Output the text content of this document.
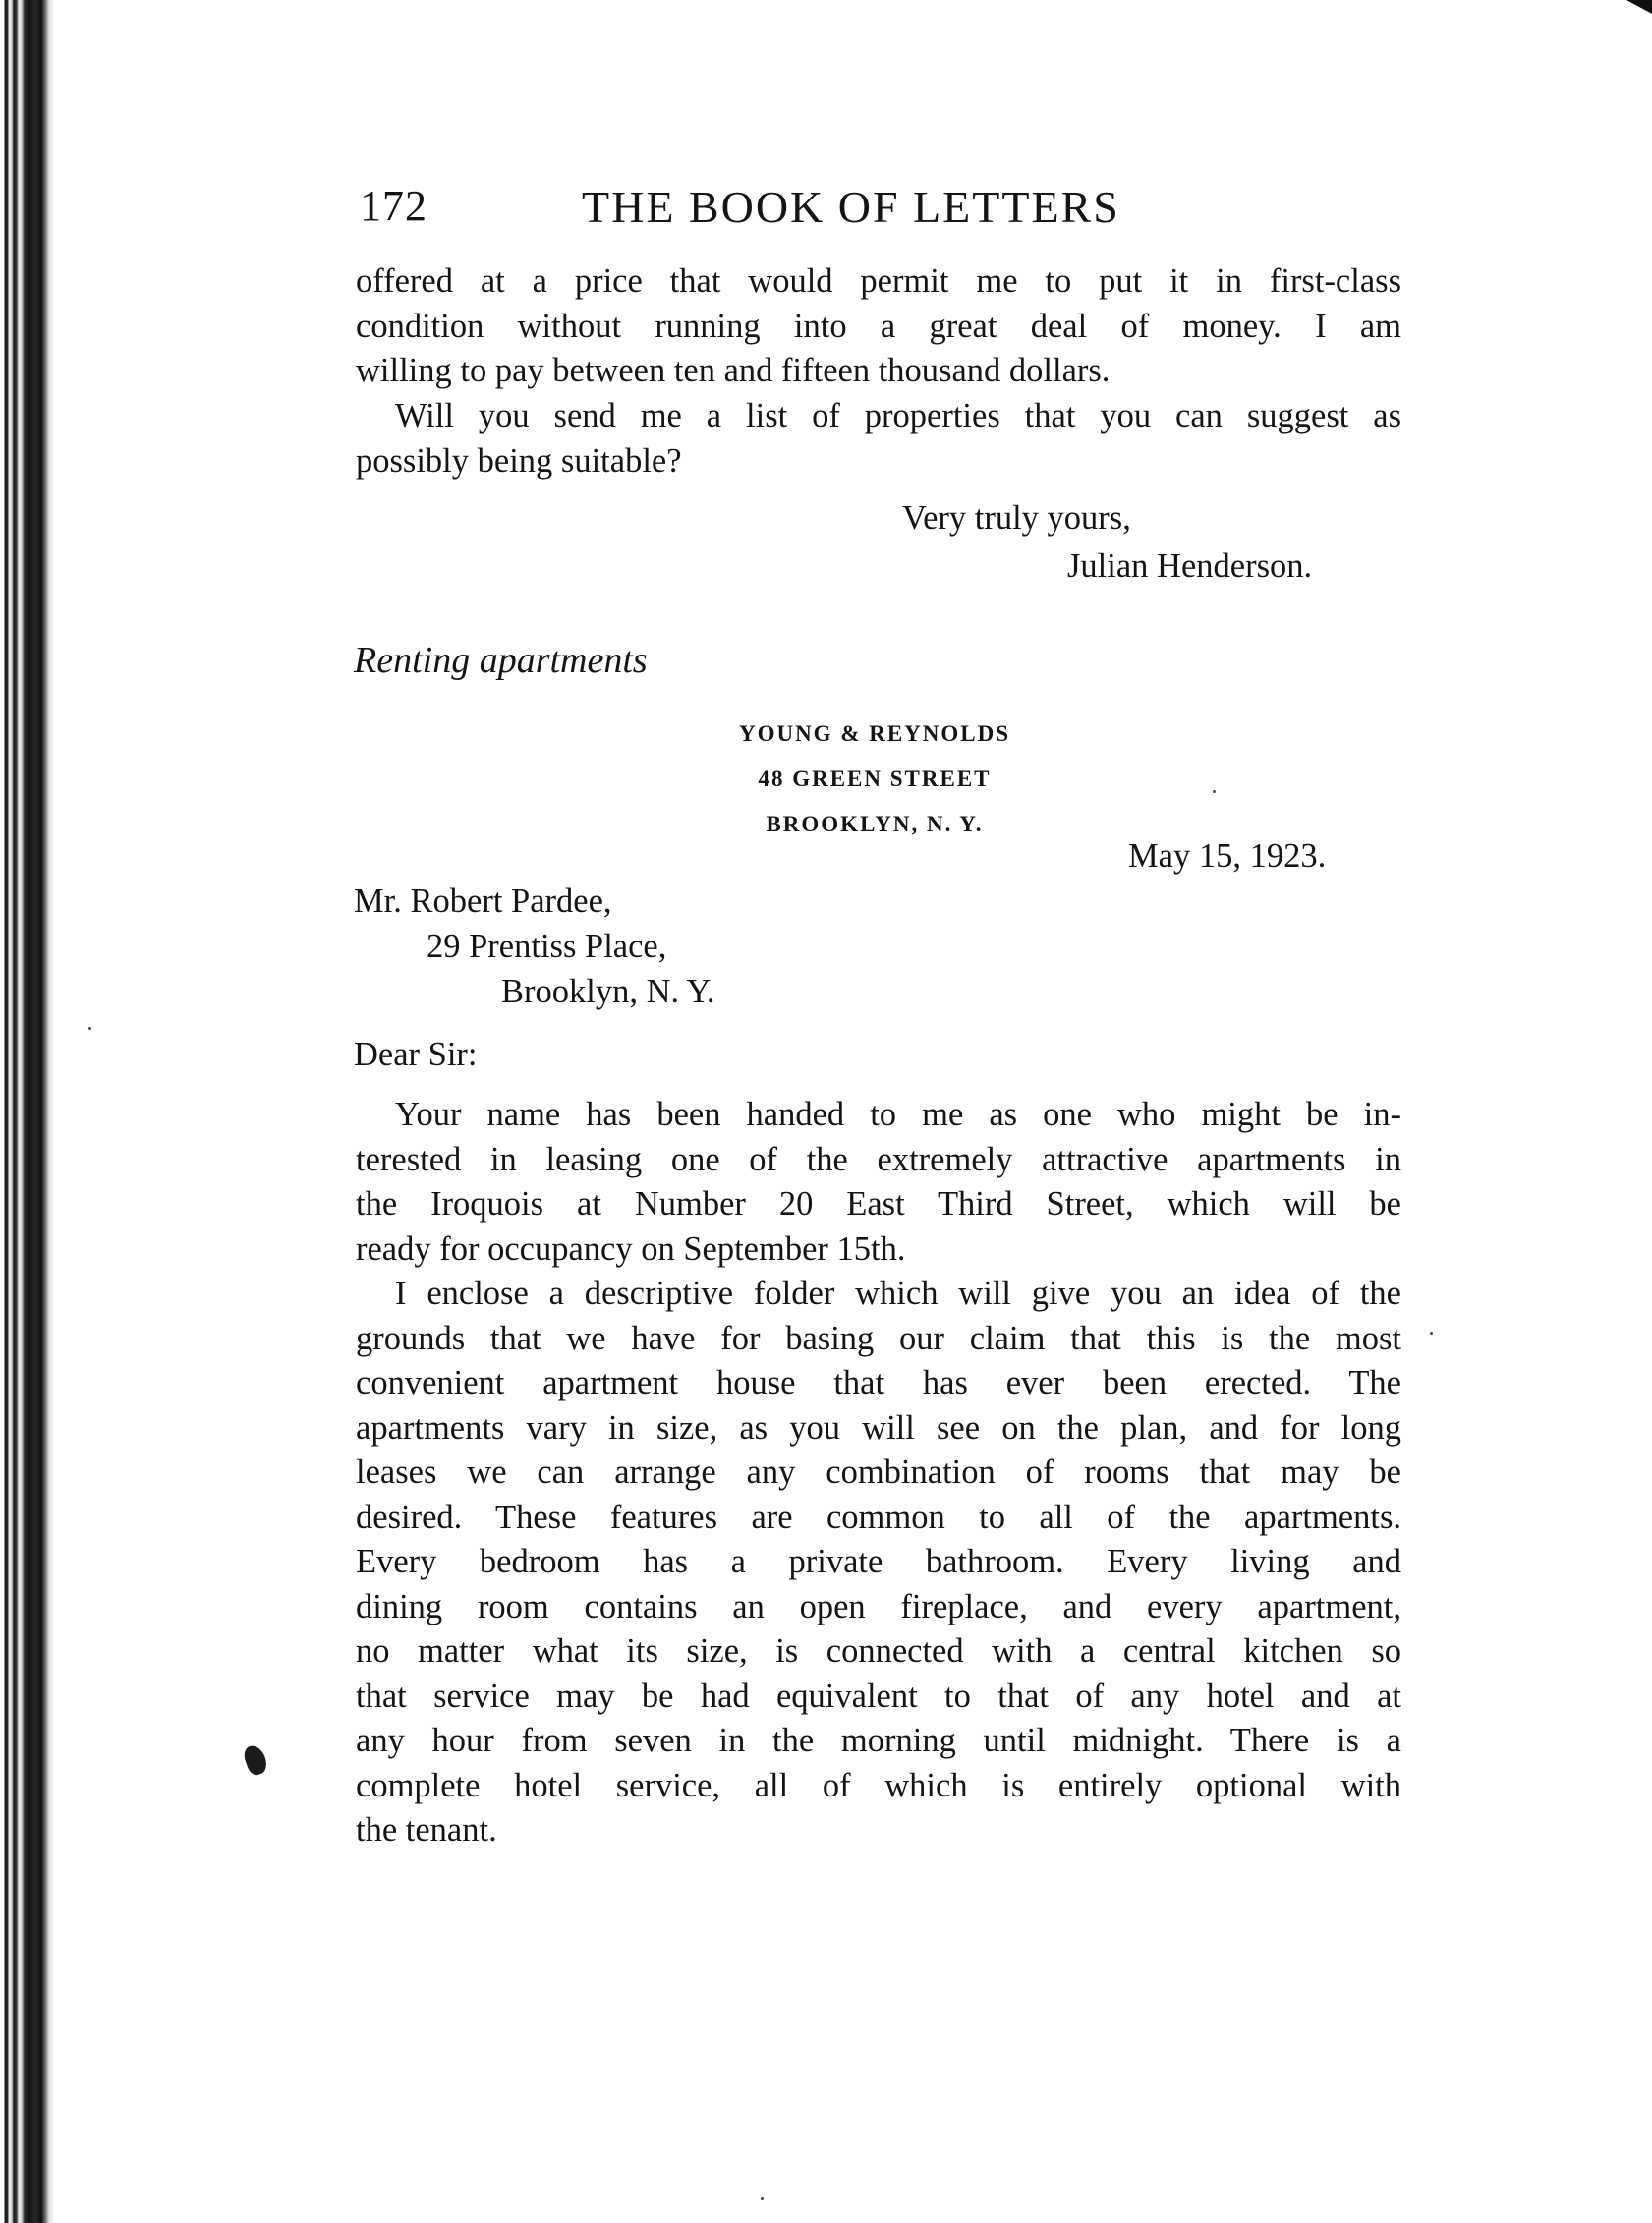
172	THE BOOK OF LETTERS

offered at a price that would permit me to put it in first-class

condition without running into a great deal of money. I am

willing to pay between ten and fifteen thousand dollars.

Will you send me a list of properties that you can suggest as

possibly being suitable?

Very truly yours,
Julian Henderson.
Renting apartments
YOUNG & REYNOLDS
48 GREEN STREET
BROOKLYN, N. Y.
May 15, 1923.
Mr. Robert Pardee,
29 Prentiss Place,
Brooklyn, N. Y.
Dear Sir:

Your name has been handed to me as one who might be in-

terested in leasing one of the extremely attractive apartments in

the Iroquois at Number 20 East Third Street, which will be

ready for occupancy on September 15th.

I enclose a descriptive folder which will give you an idea of the

grounds that we have for basing our claim that this is the most

convenient apartment house that has ever been erected. The

apartments vary in size, as you will see on the plan, and for long

leases we can arrange any combination of rooms that may be

desired. These features are common to all of the apartments.

Every bedroom has a private bathroom. Every living and

dining room contains an open fireplace, and every apartment,

no matter what its size, is connected with a central kitchen so

that service may be had equivalent to that of any hotel and at

any hour from seven in the morning until midnight. There is a

complete hotel service, all of which is entirely optional with

the tenant.
